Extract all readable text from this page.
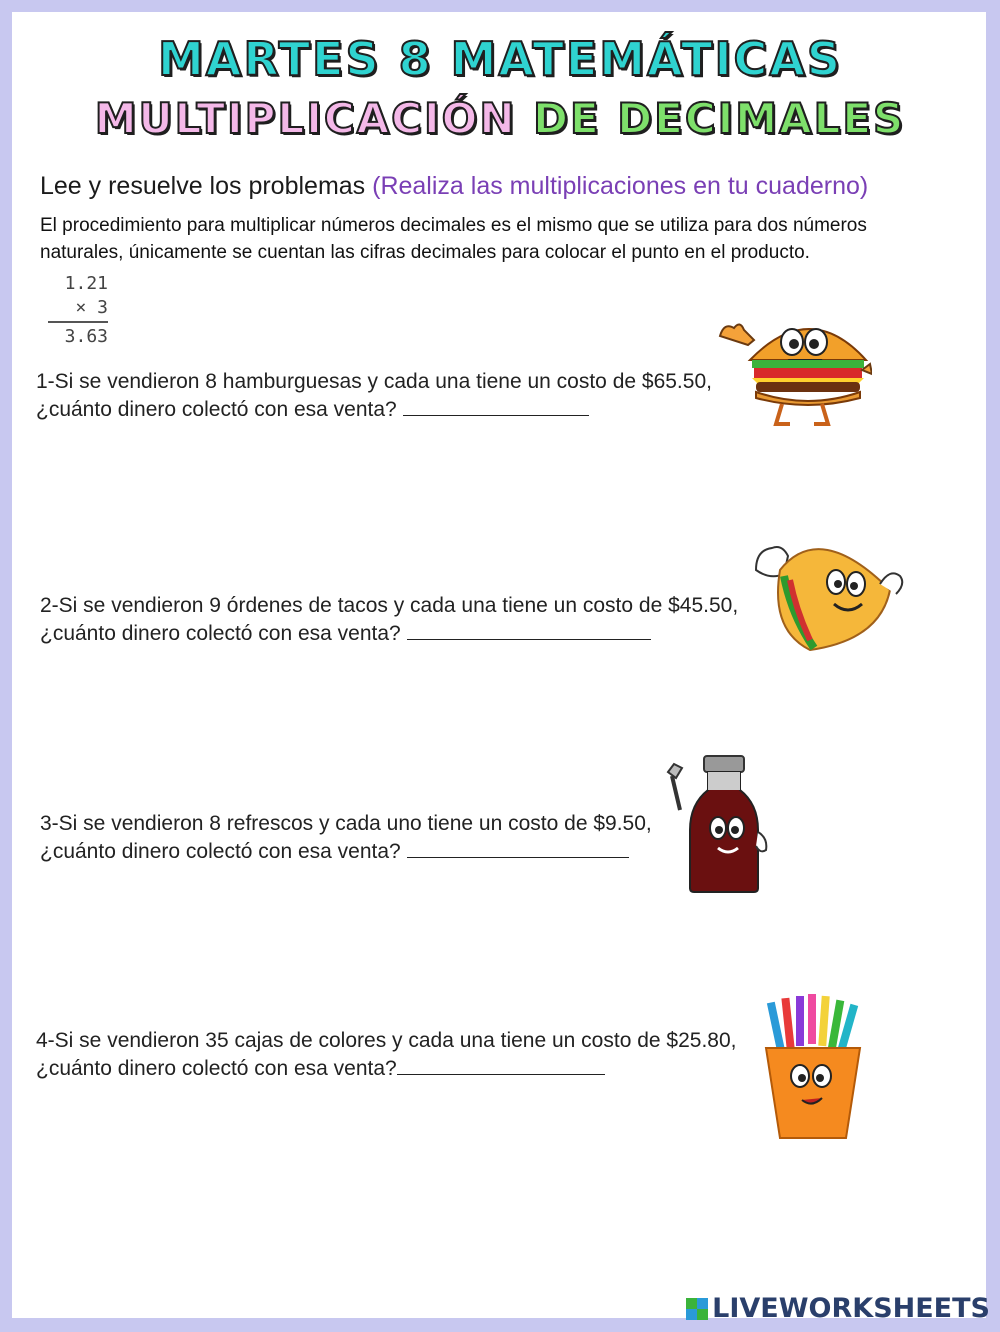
MARTES 8 MATEMÁTICAS
MULTIPLICACIÓN DE DECIMALES
Lee y resuelve los problemas (Realiza las multiplicaciones en tu cuaderno)
El procedimiento para multiplicar números decimales es el mismo que se utiliza para dos números naturales, únicamente se cuentan las cifras decimales para colocar el punto en el producto.
1.21
× 3
3.63
1-Si se vendieron 8 hamburguesas y cada una tiene un costo de $65.50,
¿cuánto dinero colectó con esa venta?
2-Si se vendieron 9 órdenes de tacos y cada una tiene un costo de $45.50,
¿cuánto dinero colectó con esa venta?
3-Si se vendieron 8 refrescos y cada uno tiene un costo de $9.50,
¿cuánto dinero colectó con esa venta?
4-Si se vendieron 35 cajas de colores y cada una tiene un costo de $25.80,
¿cuánto dinero colectó con esa venta?
LIVEWORKSHEETS
